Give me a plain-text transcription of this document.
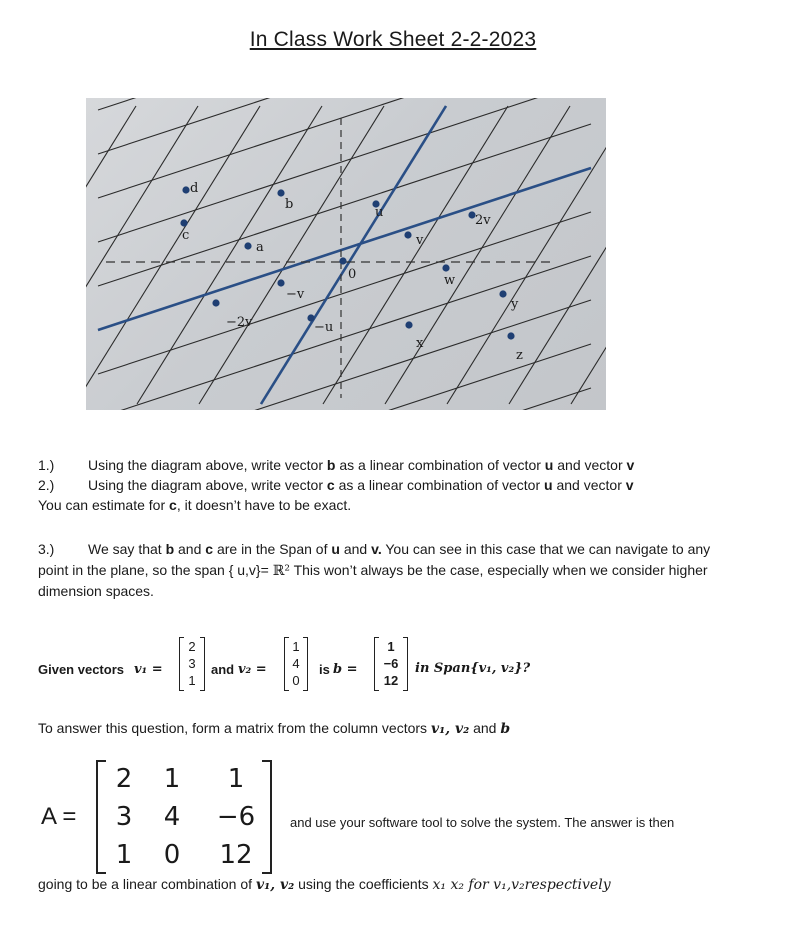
In Class Work Sheet 2-2-2023
d
c
a
b
u
v
2v
0
−v
−u
−2v
w
x
y
z
1.) Using the diagram above, write vector b as a linear combination of vector u and vector v
2.) Using the diagram above, write vector c as a linear combination of vector u and vector v
You can estimate for c, it doesn’t have to be exact.
3.) We say that b and c are in the Span of u and v. You can see in this case that we can navigate to any
point in the plane, so the span { u,v}= ℝ² This won’t always be the case, especially when we consider higher
dimension spaces.
Given vectors v₁ =
2
3
1
and v₂ =
1
4
0
is b =
1
−6
12
in Span{v₁, v₂}?
To answer this question, form a matrix from the column vectors v₁, v₂ and b
A =
2	1	1
3	4	−6
1	0	12
and use your software tool to solve the system. The answer is then
going to be a linear combination of v₁, v₂ using the coefficients x₁ x₂ for v₁,v₂respectively
